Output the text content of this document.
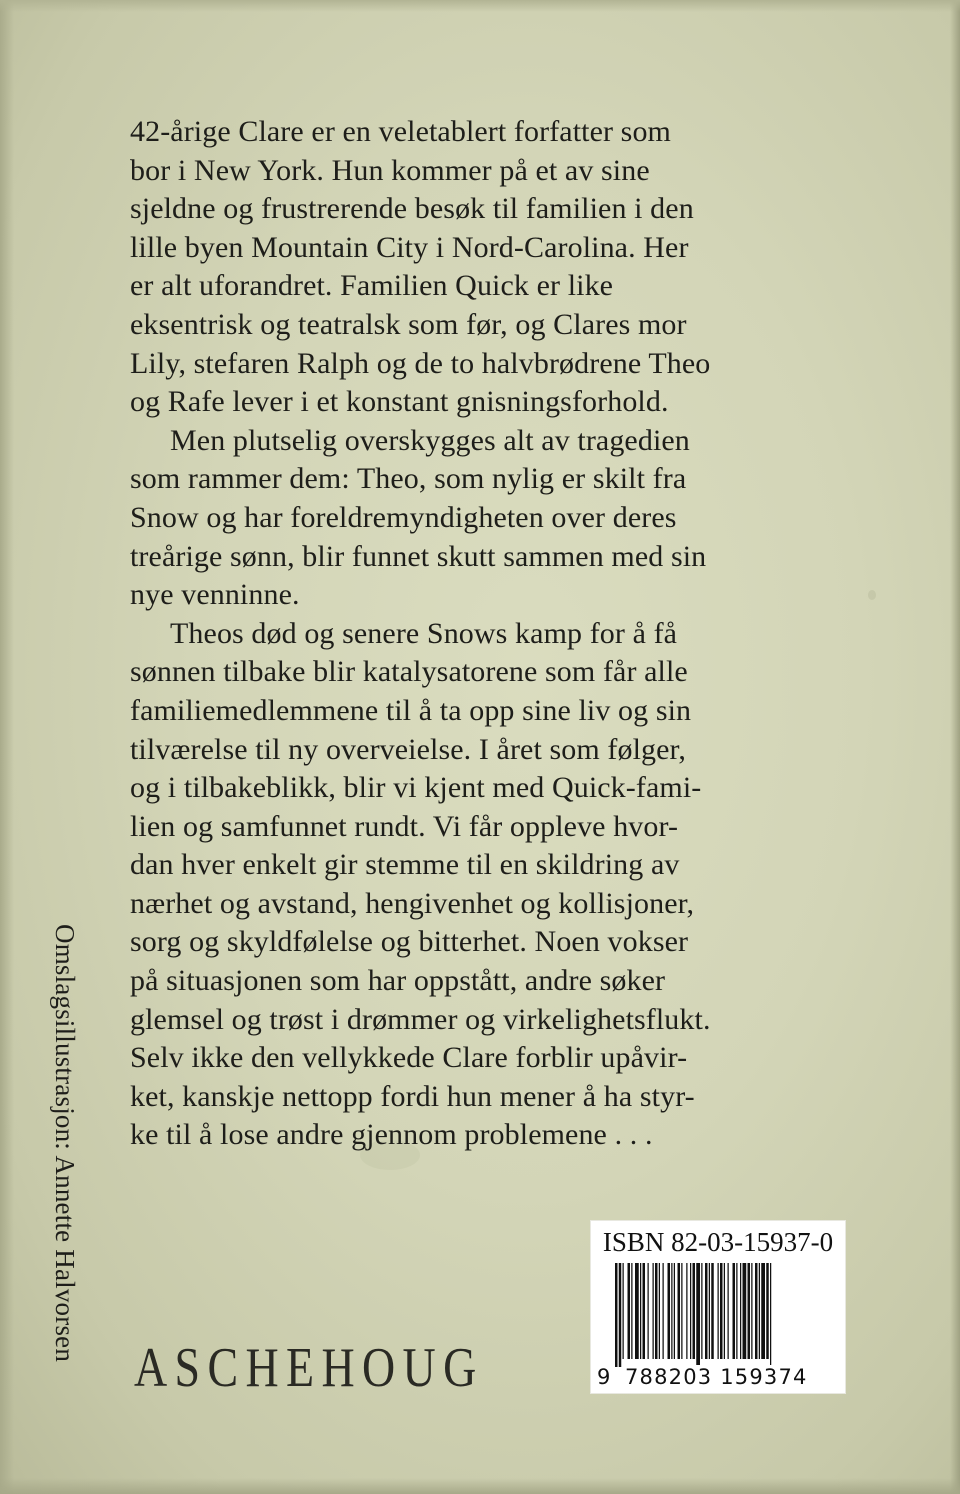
42-årige Clare er en veletablert forfatter som
bor i New York. Hun kommer på et av sine
sjeldne og frustrerende besøk til familien i den
lille byen Mountain City i Nord-Carolina. Her
er alt uforandret. Familien Quick er like
eksentrisk og teatralsk som før, og Clares mor
Lily, stefaren Ralph og de to halvbrødrene Theo
og Rafe lever i et konstant gnisningsforhold.

Men plutselig overskygges alt av tragedien
som rammer dem: Theo, som nylig er skilt fra
Snow og har foreldremyndigheten over deres
treårige sønn, blir funnet skutt sammen med sin
nye venninne.

Theos død og senere Snows kamp for å få
sønnen tilbake blir katalysatorene som får alle
familiemedlemmene til å ta opp sine liv og sin
tilværelse til ny overveielse. I året som følger,
og i tilbakeblikk, blir vi kjent med Quick-fami-
lien og samfunnet rundt. Vi får oppleve hvor-
dan hver enkelt gir stemme til en skildring av
nærhet og avstand, hengivenhet og kollisjoner,
sorg og skyldfølelse og bitterhet. Noen vokser
på situasjonen som har oppstått, andre søker
glemsel og trøst i drømmer og virkelighetsflukt.
Selv ikke den vellykkede Clare forblir upåvir-
ket, kanskje nettopp fordi hun mener å ha styr-
ke til å lose andre gjennom problemene . . .

Omslagsillustrasjon: Annette Halvorsen
ASCHEHOUG
ISBN 82-03-15937-0
9 788203 159374
